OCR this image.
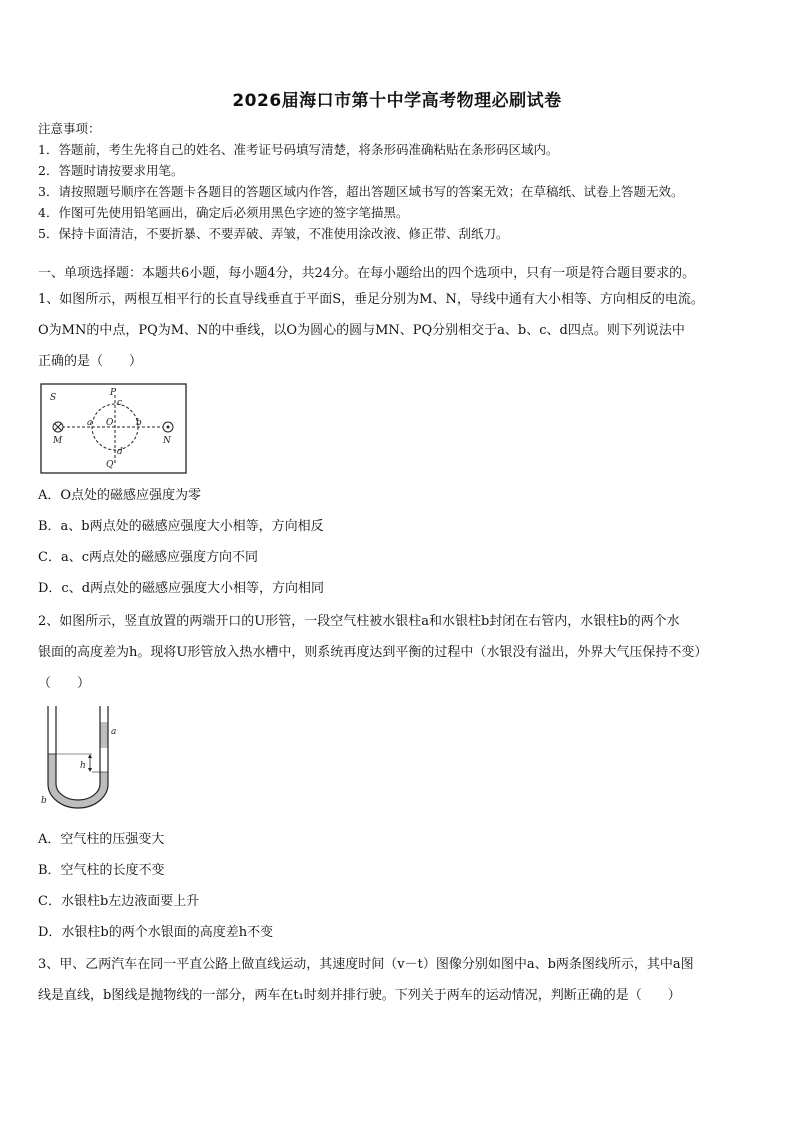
2026届海口市第十中学高考物理必刷试卷
注意事项：
1．答题前，考生先将自己的姓名、准考证号码填写清楚，将条形码准确粘贴在条形码区域内。
2．答题时请按要求用笔。
3．请按照题号顺序在答题卡各题目的答题区域内作答，超出答题区域书写的答案无效；在草稿纸、试卷上答题无效。
4．作图可先使用铅笔画出，确定后必须用黑色字迹的签字笔描黑。
5．保持卡面清洁，不要折暴、不要弄破、弄皱，不准使用涂改液、修正带、刮纸刀。
一、单项选择题：本题共6小题，每小题4分，共24分。在每小题给出的四个选项中，只有一项是符合题目要求的。
1、如图所示，两根互相平行的长直导线垂直于平面S，垂足分别为M、N，导线中通有大小相等、方向相反的电流。
O为MN的中点，PQ为M、N的中垂线，以O为圆心的圆与MN、PQ分别相交于a、b、c、d四点。则下列说法中
正确的是（　　）
S	P
c
a O	b
d
Q
M	N
A．O点处的磁感应强度为零
B．a、b两点处的磁感应强度大小相等，方向相反
C．a、c两点处的磁感应强度方向不同
D．c、d两点处的磁感应强度大小相等，方向相同
2、如图所示，竖直放置的两端开口的U形管，一段空气柱被水银柱a和水银柱b封闭在右管内，水银柱b的两个水
银面的高度差为h。现将U形管放入热水槽中，则系统再度达到平衡的过程中（水银没有溢出，外界大气压保持不变）
（　　）
a
h
b
A．空气柱的压强变大
B．空气柱的长度不变
C．水银柱b左边液面要上升
D．水银柱b的两个水银面的高度差h不变
3、甲、乙两汽车在同一平直公路上做直线运动，其速度时间（v－t）图像分别如图中a、b两条图线所示，其中a图
线是直线，b图线是抛物线的一部分，两车在t₁时刻并排行驶。下列关于两车的运动情况，判断正确的是（　　）
